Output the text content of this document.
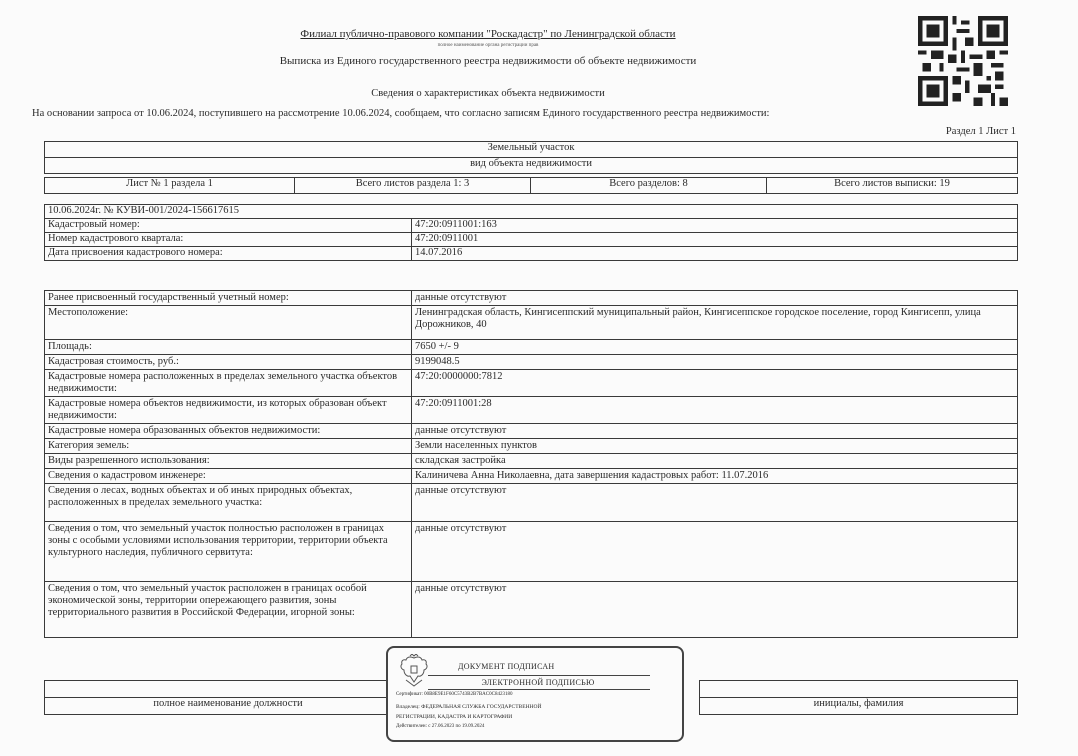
Филиал публично-правового компании "Роскадастр" по Ленинградской области
полное наименование органа регистрации прав
Выписка из Единого государственного реестра недвижимости об объекте недвижимости
Сведения о характеристиках объекта недвижимости
На основании запроса от 10.06.2024, поступившего на рассмотрение 10.06.2024, сообщаем, что согласно записям Единого государственного реестра недвижимости:
Раздел 1 Лист 1
Земельный участок
вид объекта недвижимости

Лист № 1 раздела 1	Всего листов раздела 1: 3	Всего разделов: 8	Всего листов выписки: 19
10.06.2024г. № КУВИ-001/2024-156617615	
Кадастровый номер:	47:20:0911001:163
Номер кадастрового квартала:	47:20:0911001
Дата присвоения кадастрового номера:	14.07.2016
Ранее присвоенный государственный учетный номер:	данные отсутствуют
Местоположение:	Ленинградская область, Кингисеппский муниципальный район, Кингисеппское городское поселение, город Кингисепп, улица Дорожников, 40
Площадь:	7650 +/- 9
Кадастровая стоимость, руб.:	9199048.5
Кадастровые номера расположенных в пределах земельного участка объектов недвижимости:	47:20:0000000:7812
Кадастровые номера объектов недвижимости, из которых образован объект недвижимости:	47:20:0911001:28
Кадастровые номера образованных объектов недвижимости:	данные отсутствуют
Категория земель:	Земли населенных пунктов
Виды разрешенного использования:	складская застройка
Сведения о кадастровом инженере:	Калиничева Анна Николаевна, дата завершения кадастровых работ: 11.07.2016
Сведения о лесах, водных объектах и об иных природных объектах, расположенных в пределах земельного участка:	данные отсутствуют
Сведения о том, что земельный участок полностью расположен в границах зоны с особыми условиями использования территории, территории объекта культурного наследия, публичного сервитута:	данные отсутствуют
Сведения о том, что земельный участок расположен в границах особой экономической зоны, территории опережающего развития, зоны территориального развития в Российской Федерации, игорной зоны:	данные отсутствуют

полное наименование должности		инициалы, фамилия
ДОКУМЕНТ ПОДПИСАН
ЭЛЕКТРОННОЙ ПОДПИСЬЮ
Сертификат: 00B8E9E1F60C5743B2B7BAC0C8423180
Владелец: ФЕДЕРАЛЬНАЯ СЛУЖБА ГОСУДАРСТВЕННОЙ
РЕГИСТРАЦИИ, КАДАСТРА И КАРТОГРАФИИ
Действителен: с 27.06.2023 по 19.09.2024
